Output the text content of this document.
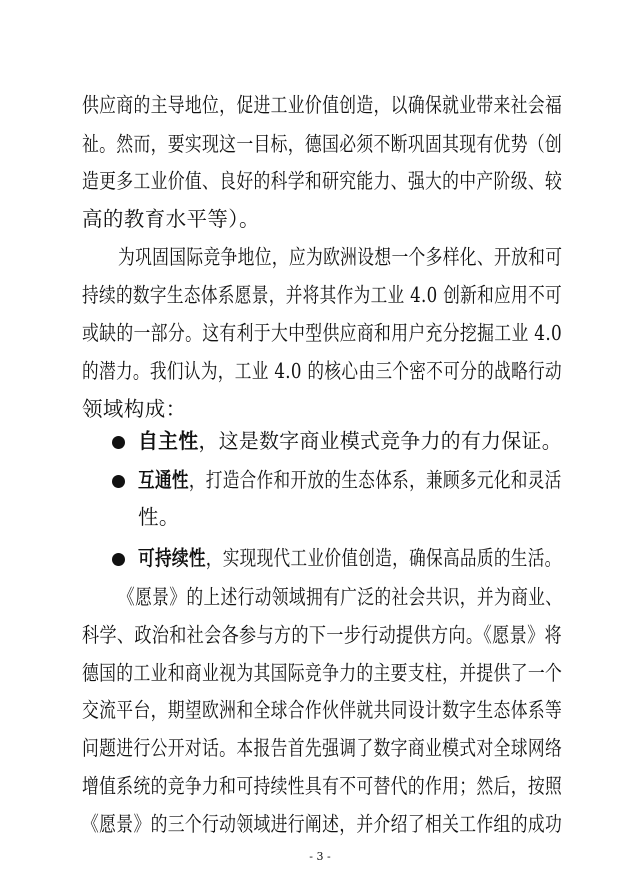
供应商的主导地位，促进工业价值创造，以确保就业带来社会福
祉。然而，要实现这一目标，德国必须不断巩固其现有优势（创
造更多工业价值、良好的科学和研究能力、强大的中产阶级、较
高的教育水平等）。
为巩固国际竞争地位，应为欧洲设想一个多样化、开放和可
持续的数字生态体系愿景，并将其作为工业 4.0 创新和应用不可
或缺的一部分。这有利于大中型供应商和用户充分挖掘工业 4.0
的潜力。我们认为，工业 4.0 的核心由三个密不可分的战略行动
领域构成：
自主性，这是数字商业模式竞争力的有力保证。
互通性，打造合作和开放的生态体系，兼顾多元化和灵活
性。
可持续性，实现现代工业价值创造，确保高品质的生活。
《愿景》的上述行动领域拥有广泛的社会共识，并为商业、
科学、政治和社会各参与方的下一步行动提供方向。《愿景》将
德国的工业和商业视为其国际竞争力的主要支柱，并提供了一个
交流平台，期望欧洲和全球合作伙伴就共同设计数字生态体系等
问题进行公开对话。本报告首先强调了数字商业模式对全球网络
增值系统的竞争力和可持续性具有不可替代的作用；然后，按照
《愿景》的三个行动领域进行阐述，并介绍了相关工作组的成功
- 3 -
